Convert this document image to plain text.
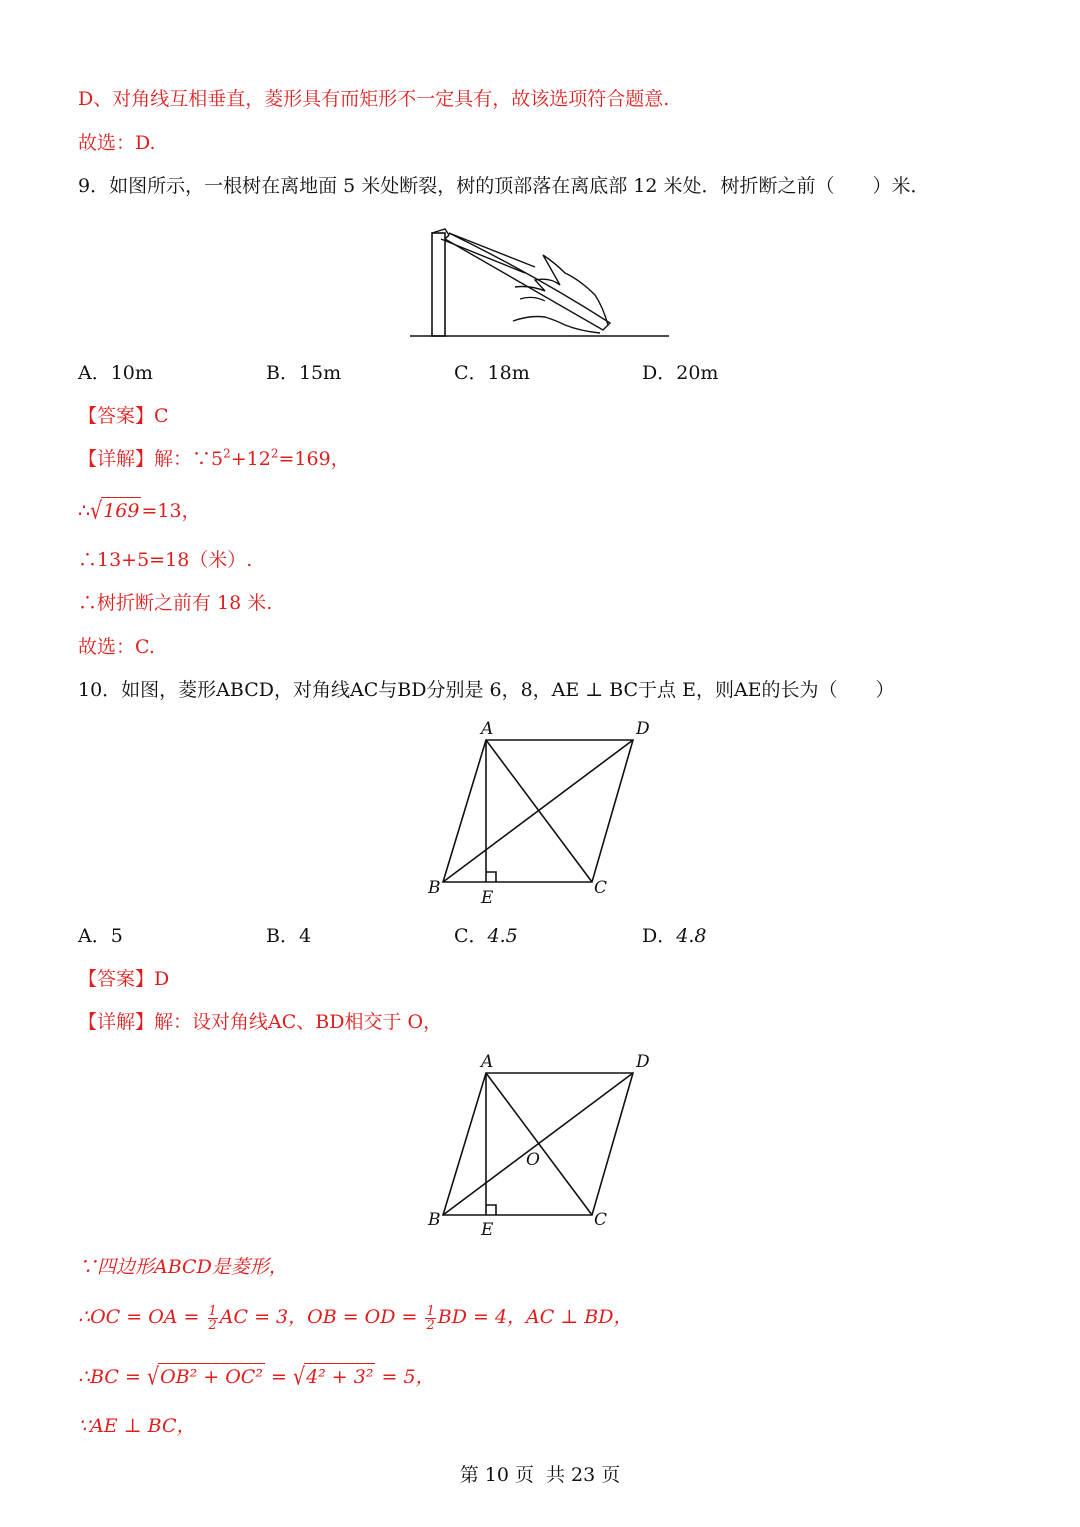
D、对角线互相垂直，菱形具有而矩形不一定具有，故该选项符合题意.
故选：D.
9．如图所示，一根树在离地面 5 米处断裂，树的顶部落在离底部 12 米处．树折断之前（　　）米．
A．10m	B．15m	C．18m	D．20m
【答案】C
【详解】解：$\because 5^2+12^2=169$，
∴√169 =13，
∴13+5=18（米）.
∴树折断之前有 18 米.
故选：C.
10．如图，菱形ABCD，对角线AC与BD分别是 6，8，AE ⊥ BC于点 E，则AE的长为（　　）
A	D
B	C
E
A．5	B．4	C．4.5	D．4.8
【答案】D
【详解】解：设对角线AC、BD相交于 O，
A	D
B	C
E
O
∵四边形ABCD是菱形，
∴OC = OA = $\frac{1}{2}$ AC = 3，OB = OD = $\frac{1}{2}$ BD = 4，AC ⊥ BD，
∴BC = √OB² + OC² = √4² + 3² = 5，
∵AE ⊥ BC，
第 10 页 共 23 页
